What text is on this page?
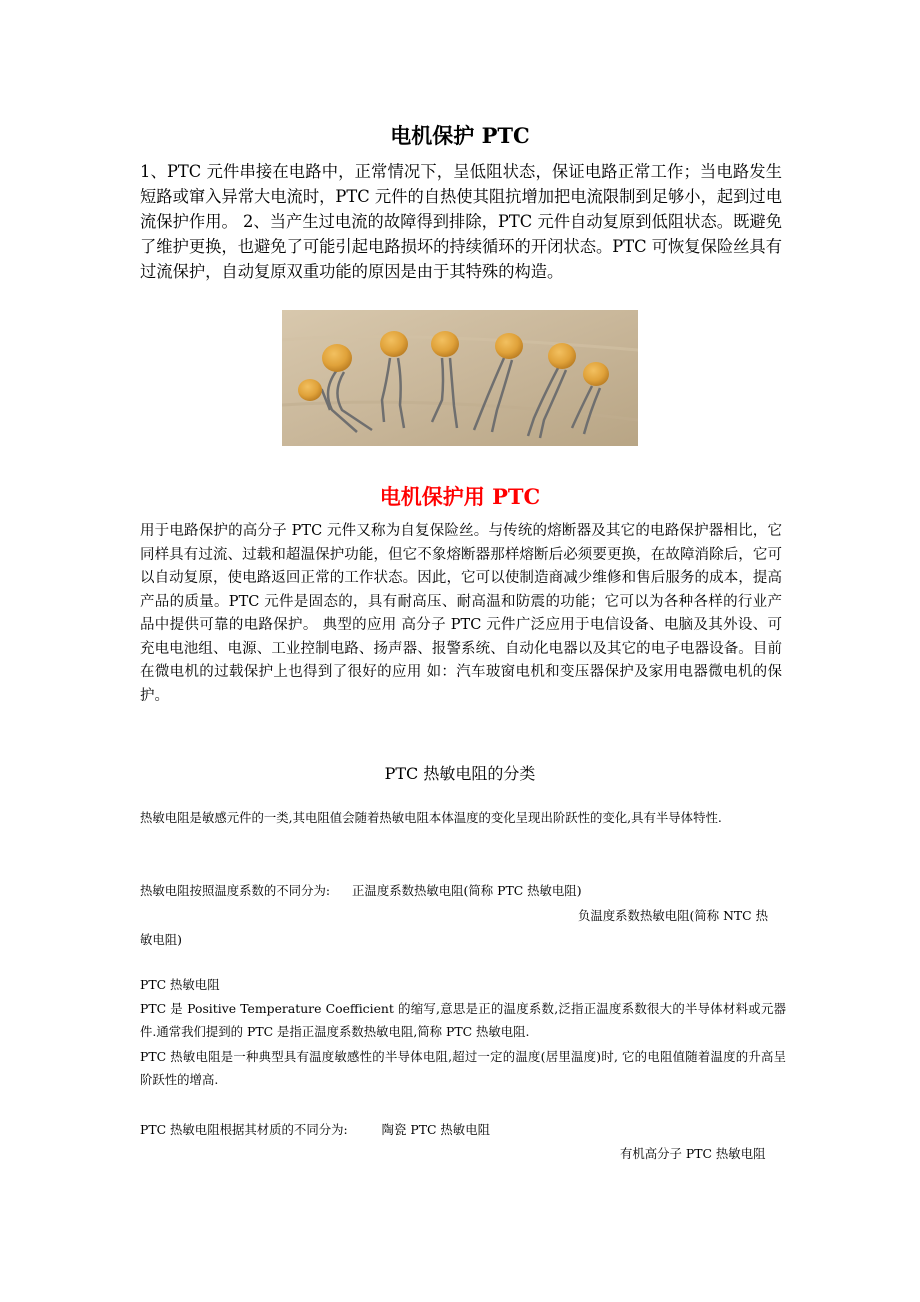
电机保护 PTC

1、PTC 元件串接在电路中，正常情况下，呈低阻状态，保证电路正常工作；当电路发生短路或窜入异常大电流时，PTC 元件的自热使其阻抗增加把电流限制到足够小，起到过电流保护作用。 2、当产生过电流的故障得到排除，PTC 元件自动复原到低阻状态。既避免了维护更换，也避免了可能引起电路损坏的持续循环的开闭状态。PTC 可恢复保险丝具有过流保护，自动复原双重功能的原因是由于其特殊的构造。

电机保护用 PTC

用于电路保护的高分子 PTC 元件又称为自复保险丝。与传统的熔断器及其它的电路保护器相比，它同样具有过流、过载和超温保护功能，但它不象熔断器那样熔断后必须要更换，在故障消除后，它可以自动复原，使电路返回正常的工作状态。因此，它可以使制造商减少维修和售后服务的成本，提高产品的质量。PTC 元件是固态的，具有耐高压、耐高温和防震的功能；它可以为各种各样的行业产品中提供可靠的电路保护。 典型的应用 高分子 PTC 元件广泛应用于电信设备、电脑及其外设、可充电电池组、电源、工业控制电路、扬声器、报警系统、自动化电器以及其它的电子电器设备。目前在微电机的过载保护上也得到了很好的应用 如：汽车玻窗电机和变压器保护及家用电器微电机的保护。

PTC 热敏电阻的分类

热敏电阻是敏感元件的一类,其电阻值会随着热敏电阻本体温度的变化呈现出阶跃性的变化,具有半导体特性.

热敏电阻按照温度系数的不同分为: 正温度系数热敏电阻(简称 PTC 热敏电阻)
负温度系数热敏电阻(简称 NTC 热
敏电阻)
PTC 热敏电阻

PTC 是 Positive Temperature Coefficient 的缩写,意思是正的温度系数,泛指正温度系数很大的半导体材料或元器件.通常我们提到的 PTC 是指正温度系数热敏电阻,简称 PTC 热敏电阻.

PTC 热敏电阻是一种典型具有温度敏感性的半导体电阻,超过一定的温度(居里温度)时, 它的电阻值随着温度的升高呈阶跃性的增高.

PTC 热敏电阻根据其材质的不同分为:	陶瓷 PTC 热敏电阻
有机高分子 PTC 热敏电阻
